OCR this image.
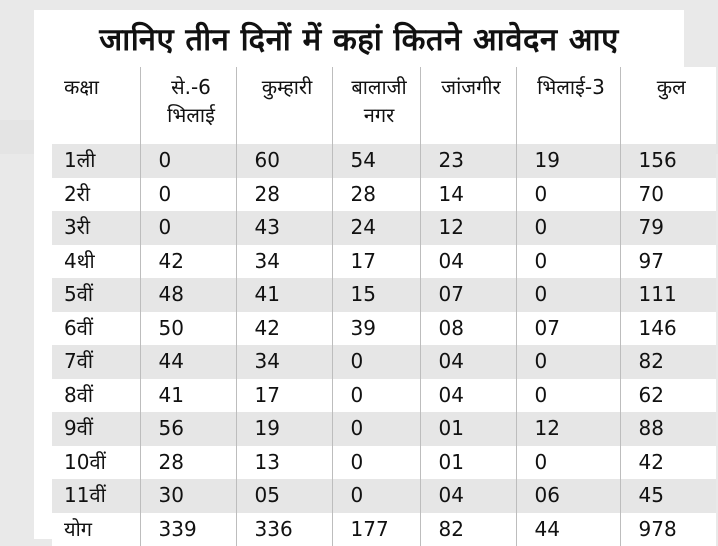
जानिए तीन दिनों में कहां कितने आवेदन आए
कक्षा	से.-6 भिलाई	कुम्हारी	बालाजी नगर	जांजगीर	भिलाई-3	कुल
1ली	0	60	54	23	19	156
2री	0	28	28	14	0	70
3री	0	43	24	12	0	79
4थी	42	34	17	04	0	97
5वीं	48	41	15	07	0	111
6वीं	50	42	39	08	07	146
7वीं	44	34	0	04	0	82
8वीं	41	17	0	04	0	62
9वीं	56	19	0	01	12	88
10वीं	28	13	0	01	0	42
11वीं	30	05	0	04	06	45
योग	339	336	177	82	44	978
